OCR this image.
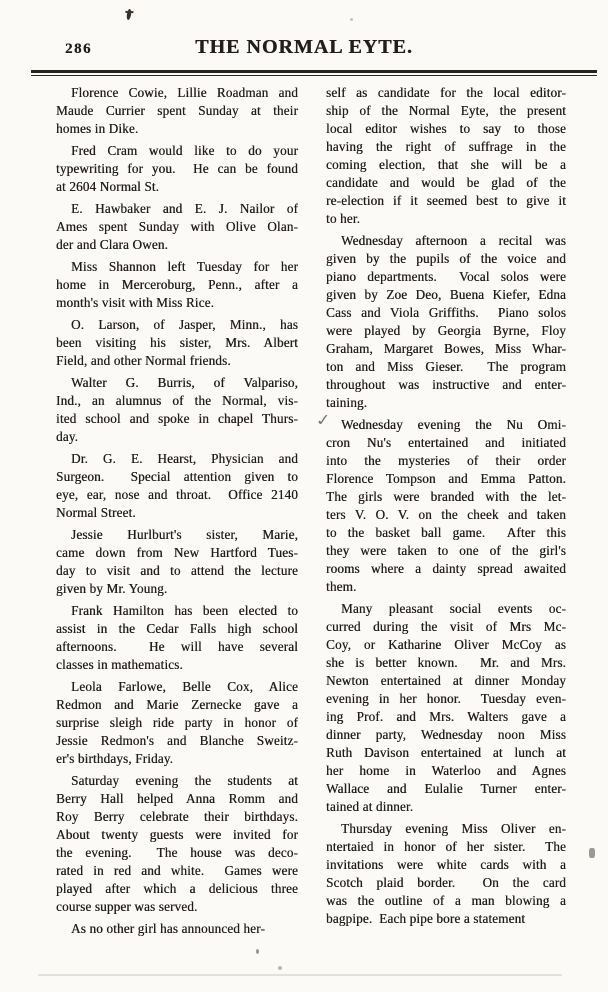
286	THE NORMAL EYTE.
Florence Cowie, Lillie Roadman and
Maude Currier spent Sunday at their
homes in Dike.
Fred Cram would like to do your
typewriting for you.  He can be found
at 2604 Normal St.
E. Hawbaker and E. J. Nailor of
Ames spent Sunday with Olive Olan-
der and Clara Owen.
Miss Shannon left Tuesday for her
home in Merceroburg, Penn., after a
month's visit with Miss Rice.
O. Larson, of Jasper, Minn., has
been visiting his sister, Mrs. Albert
Field, and other Normal friends.
Walter G. Burris, of Valpariso,
Ind., an alumnus of the Normal, vis-
ited school and spoke in chapel Thurs-
day.
Dr. G. E. Hearst, Physician and
Surgeon.  Special attention given to
eye, ear, nose and throat.  Office 2140
Normal Street.
Jessie Hurlburt's sister, Marie,
came down from New Hartford Tues-
day to visit and to attend the lecture
given by Mr. Young.
Frank Hamilton has been elected to
assist in the Cedar Falls high school
afternoons.  He will have several
classes in mathematics.
Leola Farlowe, Belle Cox, Alice
Redmon and Marie Zernecke gave a
surprise sleigh ride party in honor of
Jessie Redmon's and Blanche Sweitz-
er's birthdays, Friday.
Saturday evening the students at
Berry Hall helped Anna Romm and
Roy Berry celebrate their birthdays.
About twenty guests were invited for
the evening.  The house was deco-
rated in red and white.  Games were
played after which a delicious three
course supper was served.
As no other girl has announced her-
self as candidate for the local editor-
ship of the Normal Eyte, the present
local editor wishes to say to those
having the right of suffrage in the
coming election, that she will be a
candidate and would be glad of the
re-election if it seemed best to give it
to her.
Wednesday afternoon a recital was
given by the pupils of the voice and
piano departments.  Vocal solos were
given by Zoe Deo, Buena Kiefer, Edna
Cass and Viola Griffiths.  Piano solos
were played by Georgia Byrne, Floy
Graham, Margaret Bowes, Miss Whar-
ton and Miss Gieser.  The program
throughout was instructive and enter-
taining.
Wednesday evening the Nu Omi-
cron Nu's entertained and initiated
into the mysteries of their order
Florence Tompson and Emma Patton.
The girls were branded with the let-
ters V. O. V. on the cheek and taken
to the basket ball game.  After this
they were taken to one of the girl's
rooms where a dainty spread awaited
them.
Many pleasant social events oc-
curred during the visit of Mrs Mc-
Coy, or Katharine Oliver McCoy as
she is better known.  Mr. and Mrs.
Newton entertained at dinner Monday
evening in her honor.  Tuesday even-
ing Prof. and Mrs. Walters gave a
dinner party, Wednesday noon Miss
Ruth Davison entertained at lunch at
her home in Waterloo and Agnes
Wallace and Eulalie Turner enter-
tained at dinner.
Thursday evening Miss Oliver en-
ntertaied in honor of her sister.  The
invitations were white cards with a
Scotch plaid border.  On the card
was the outline of a man blowing a
bagpipe.  Each pipe bore a statement
✓
